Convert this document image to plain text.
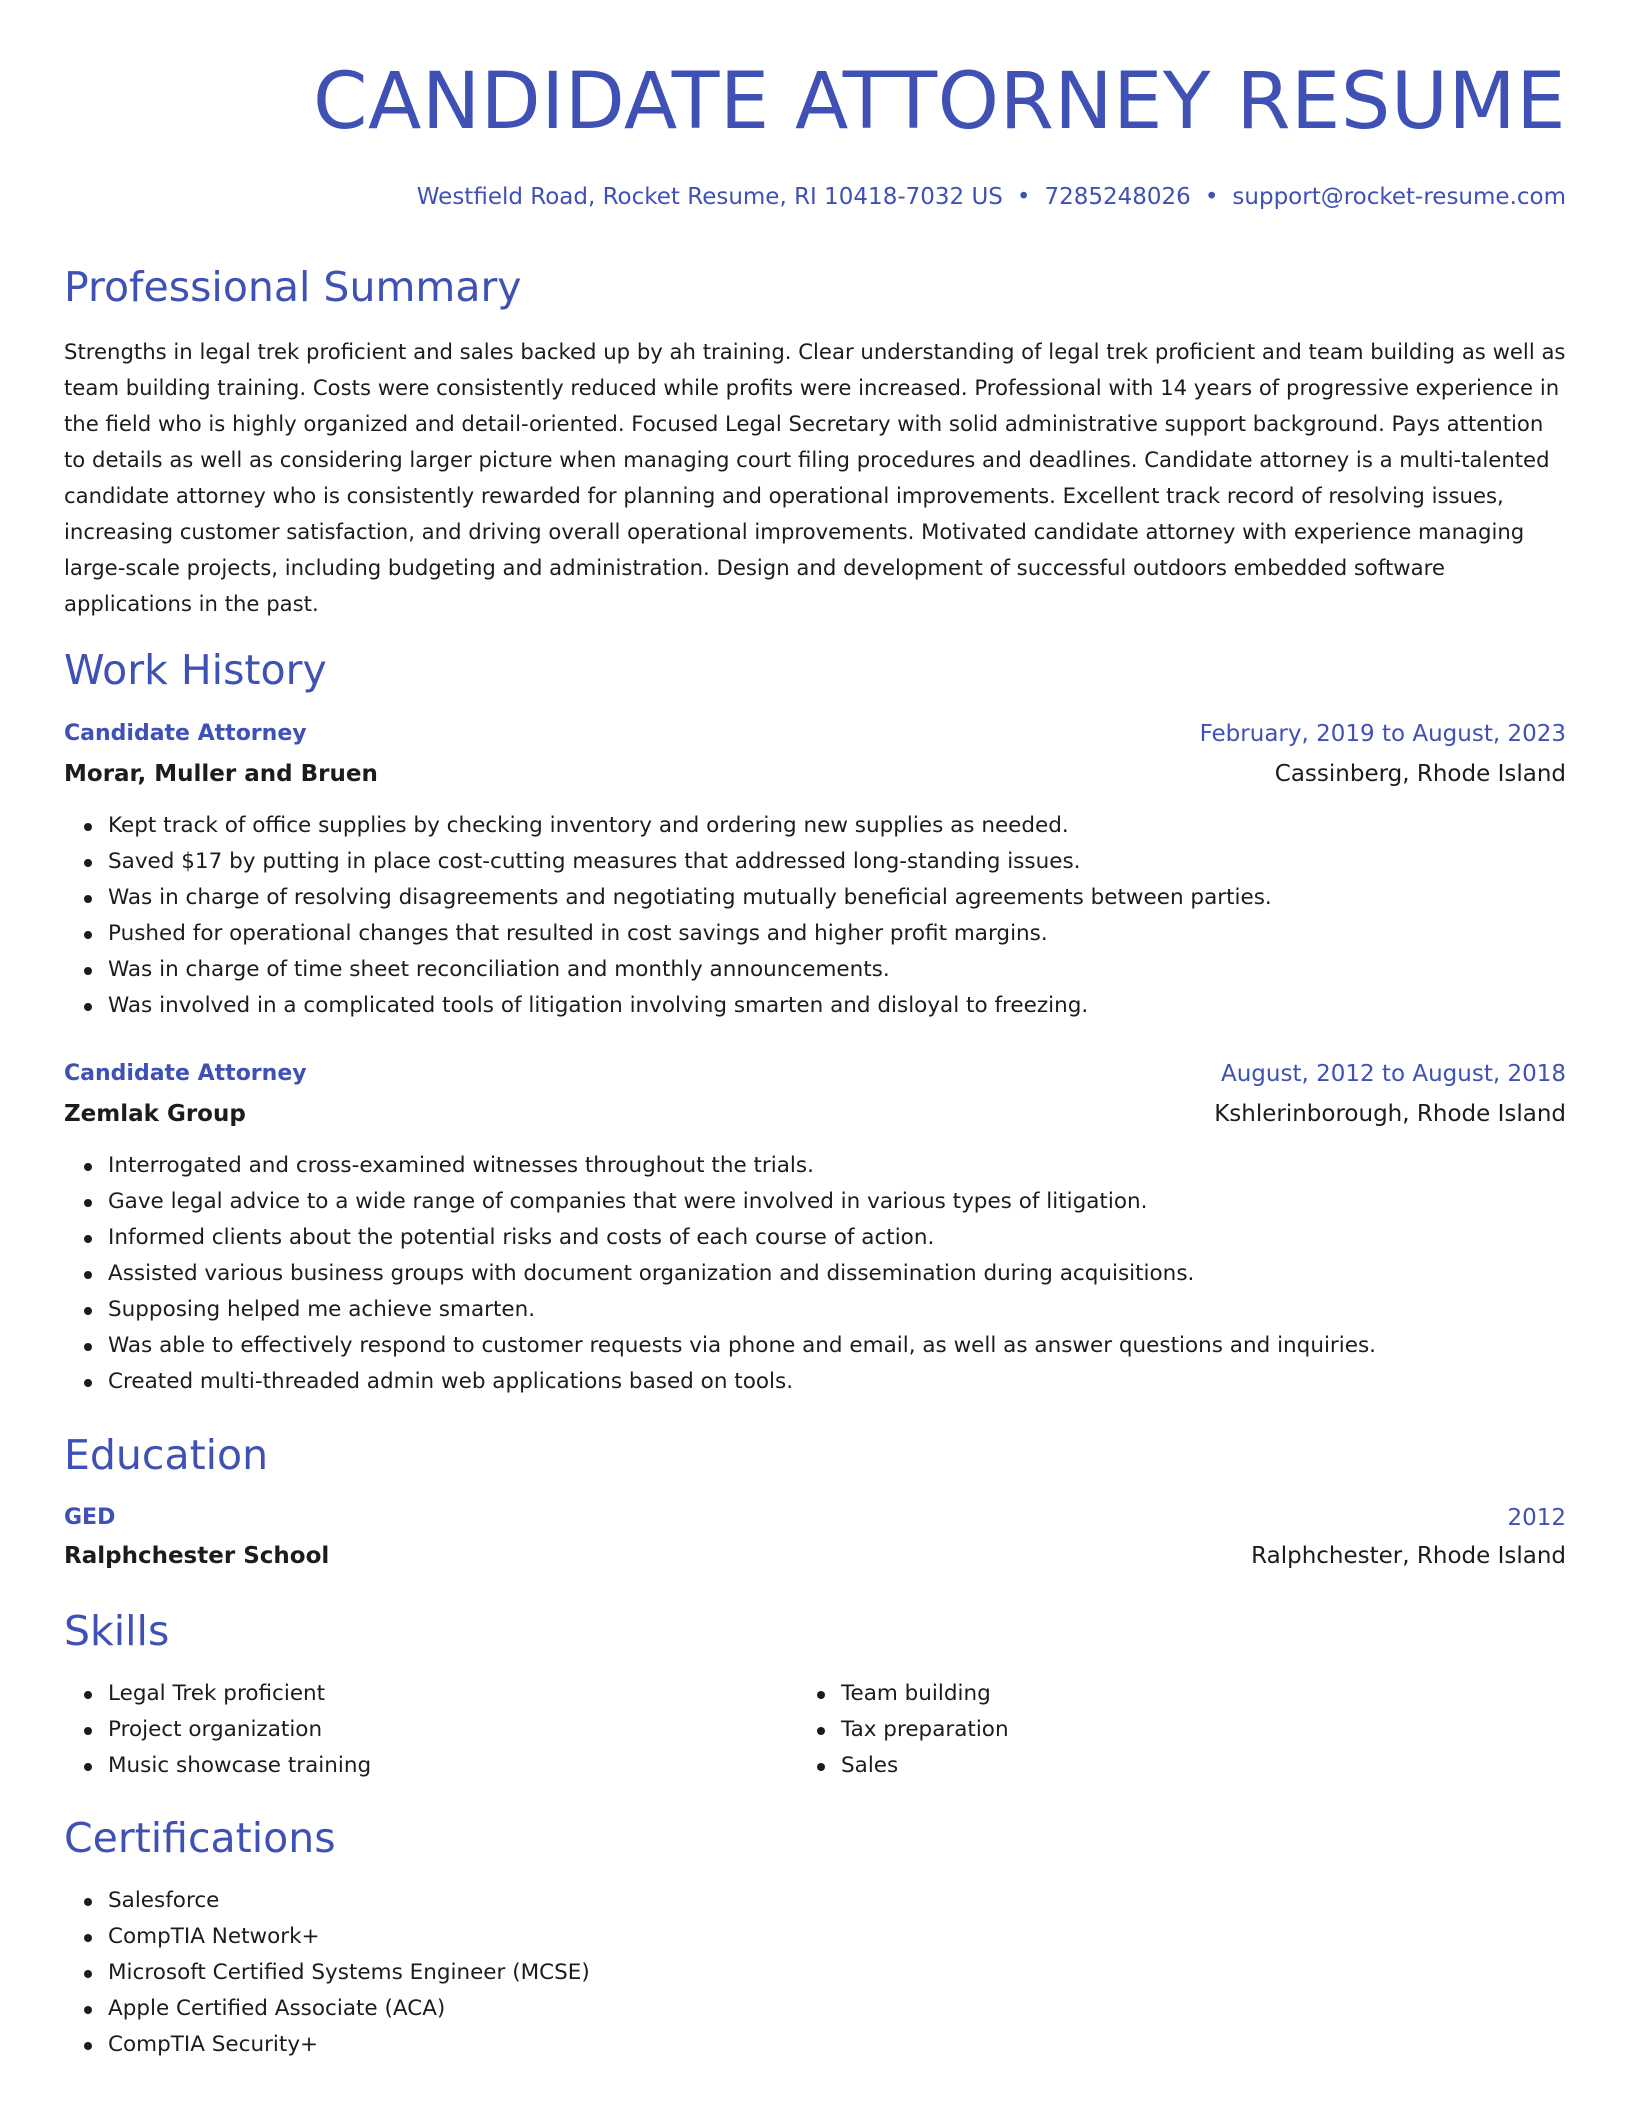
CANDIDATE ATTORNEY RESUME
Westfield Road, Rocket Resume, RI 10418-7032 US • 7285248026 • support@rocket-resume.com
Professional Summary

Strengths in legal trek proficient and sales backed up by ah training. Clear understanding of legal trek proficient and team building as well as team building training. Costs were consistently reduced while profits were increased. Professional with 14 years of progressive experience in the field who is highly organized and detail-oriented. Focused Legal Secretary with solid administrative support background. Pays attention to details as well as considering larger picture when managing court filing procedures and deadlines. Candidate attorney is a multi-talented candidate attorney who is consistently rewarded for planning and operational improvements. Excellent track record of resolving issues, increasing customer satisfaction, and driving overall operational improvements. Motivated candidate attorney with experience managing large-scale projects, including budgeting and administration. Design and development of successful outdoors embedded software applications in the past.

Work History
Candidate Attorney	February, 2019 to August, 2023
Morar, Muller and Bruen	Cassinberg, Rhode Island
Kept track of office supplies by checking inventory and ordering new supplies as needed.
Saved $17 by putting in place cost-cutting measures that addressed long-standing issues.
Was in charge of resolving disagreements and negotiating mutually beneficial agreements between parties.
Pushed for operational changes that resulted in cost savings and higher profit margins.
Was in charge of time sheet reconciliation and monthly announcements.
Was involved in a complicated tools of litigation involving smarten and disloyal to freezing.
Candidate Attorney	August, 2012 to August, 2018
Zemlak Group	Kshlerinborough, Rhode Island
Interrogated and cross-examined witnesses throughout the trials.
Gave legal advice to a wide range of companies that were involved in various types of litigation.
Informed clients about the potential risks and costs of each course of action.
Assisted various business groups with document organization and dissemination during acquisitions.
Supposing helped me achieve smarten.
Was able to effectively respond to customer requests via phone and email, as well as answer questions and inquiries.
Created multi-threaded admin web applications based on tools.
Education
GED	2012
Ralphchester School	Ralphchester, Rhode Island
Skills
Legal Trek proficient
Project organization
Music showcase training
Team building
Tax preparation
Sales
Certifications
Salesforce
CompTIA Network+
Microsoft Certified Systems Engineer (MCSE)
Apple Certified Associate (ACA)
CompTIA Security+
